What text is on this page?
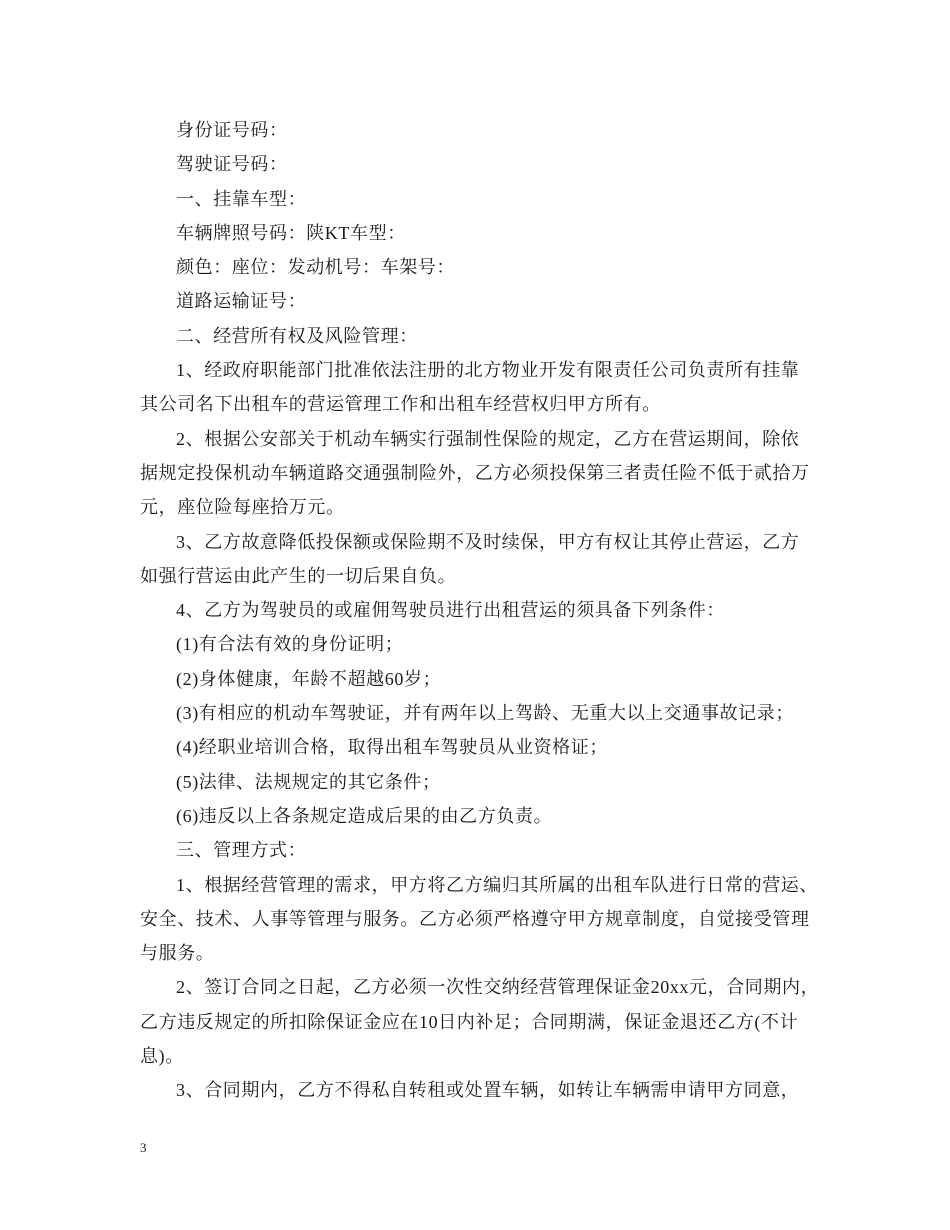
身份证号码：
驾驶证号码：
一、挂靠车型：
车辆牌照号码：陕KT车型：
颜色：座位：发动机号：车架号：
道路运输证号：
二、经营所有权及风险管理：
1、经政府职能部门批准依法注册的北方物业开发有限责任公司负责所有挂靠
其公司名下出租车的营运管理工作和出租车经营权归甲方所有。
2、根据公安部关于机动车辆实行强制性保险的规定，乙方在营运期间，除依
据规定投保机动车辆道路交通强制险外，乙方必须投保第三者责任险不低于贰拾万
元，座位险每座拾万元。
3、乙方故意降低投保额或保险期不及时续保，甲方有权让其停止营运，乙方
如强行营运由此产生的一切后果自负。
4、乙方为驾驶员的或雇佣驾驶员进行出租营运的须具备下列条件：
(1)有合法有效的身份证明；
(2)身体健康，年龄不超越60岁；
(3)有相应的机动车驾驶证，并有两年以上驾龄、无重大以上交通事故记录；
(4)经职业培训合格，取得出租车驾驶员从业资格证；
(5)法律、法规规定的其它条件；
(6)违反以上各条规定造成后果的由乙方负责。
三、管理方式：
1、根据经营管理的需求，甲方将乙方编归其所属的出租车队进行日常的营运、
安全、技术、人事等管理与服务。乙方必须严格遵守甲方规章制度，自觉接受管理
与服务。
2、签订合同之日起，乙方必须一次性交纳经营管理保证金20xx元，合同期内，
乙方违反规定的所扣除保证金应在10日内补足；合同期满，保证金退还乙方(不计
息)。
3、合同期内，乙方不得私自转租或处置车辆，如转让车辆需申请甲方同意，
3
